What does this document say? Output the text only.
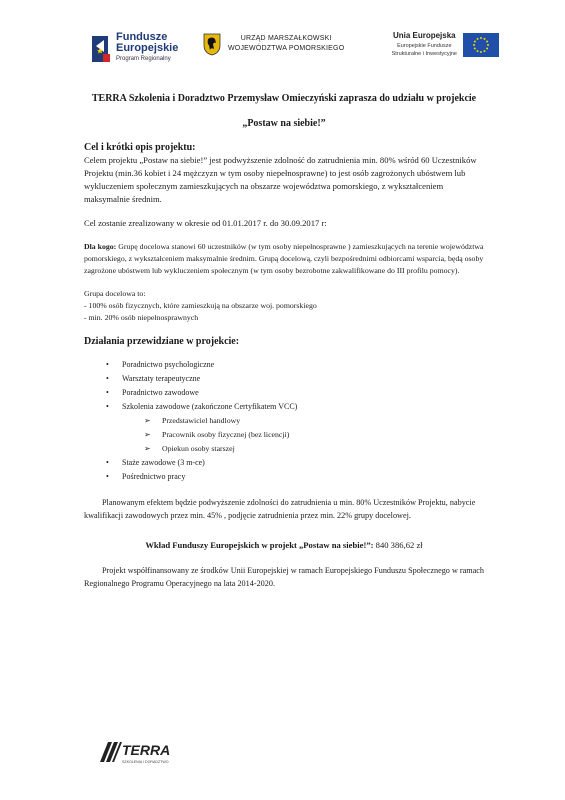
Fundusze
Europejskie
Program Regionalny
URZĄD MARSZAŁKOWSKI
WOJEWÓDZTWA POMORSKIEGO
Unia Europejska
Europejskie Fundusze
Strukturalne i Inwestycyjne

TERRA Szkolenia i Doradztwo Przemysław Omieczyński zaprasza do udziału w projekcie

„Postaw na siebie!”

Cel i krótki opis projektu:

Celem projektu „Postaw na siebie!” jest podwyższenie zdolność do zatrudnienia min. 80% wśród 60 Uczestników Projektu (min.36 kobiet i 24 mężczyzn w tym osoby niepełnosprawne) to jest osób zagrożonych ubóstwem lub wykluczeniem społecznym zamieszkujących na obszarze województwa pomorskiego, z wykształceniem maksymalnie średnim.

Cel zostanie zrealizowany w okresie od 01.01.2017 r. do 30.09.2017 r:

Dla kogo: Grupę docelowa stanowi 60 uczestników (w tym osoby niepełnosprawne ) zamieszkujących na terenie województwa pomorskiego, z wykształceniem maksymalnie średnim. Grupą docelową, czyli bezpośrednimi odbiorcami wsparcia, będą osoby zagrożone ubóstwem lub wykluczeniem społecznym (w tym osoby bezrobotne zakwalifikowane do III profilu pomocy).

Grupa docelowa to:

- 100% osób fizycznych, które zamieszkują na obszarze woj. pomorskiego

- min. 20% osób niepełnosprawnych

Działania przewidziane w projekcie:

• Poradnictwo psychologiczne
• Warsztaty terapeutyczne
• Poradnictwo zawodowe
• Szkolenia zawodowe (zakończone Certyfikatem VCC)
➢ Przedstawiciel handlowy
➢ Pracownik osoby fizycznej (bez licencji)
➢ Opiekun osoby starszej
• Staże zawodowe (3 m-ce)
• Pośrednictwo pracy

Planowanym efektem będzie podwyższenie zdolności do zatrudnienia u min. 80% Uczestników Projektu, nabycie kwalifikacji zawodowych przez min. 45% , podjęcie zatrudnienia przez min. 22% grupy docelowej.

Wkład Funduszy Europejskich w projekt „Postaw na siebie!”: 840 386,62 zł

Projekt współfinansowany ze środków Unii Europejskiej w ramach Europejskiego Funduszu Społecznego w ramach Regionalnego Programu Operacyjnego na lata 2014-2020.

TERRA
SZKOLENIA I DORADZTWO
